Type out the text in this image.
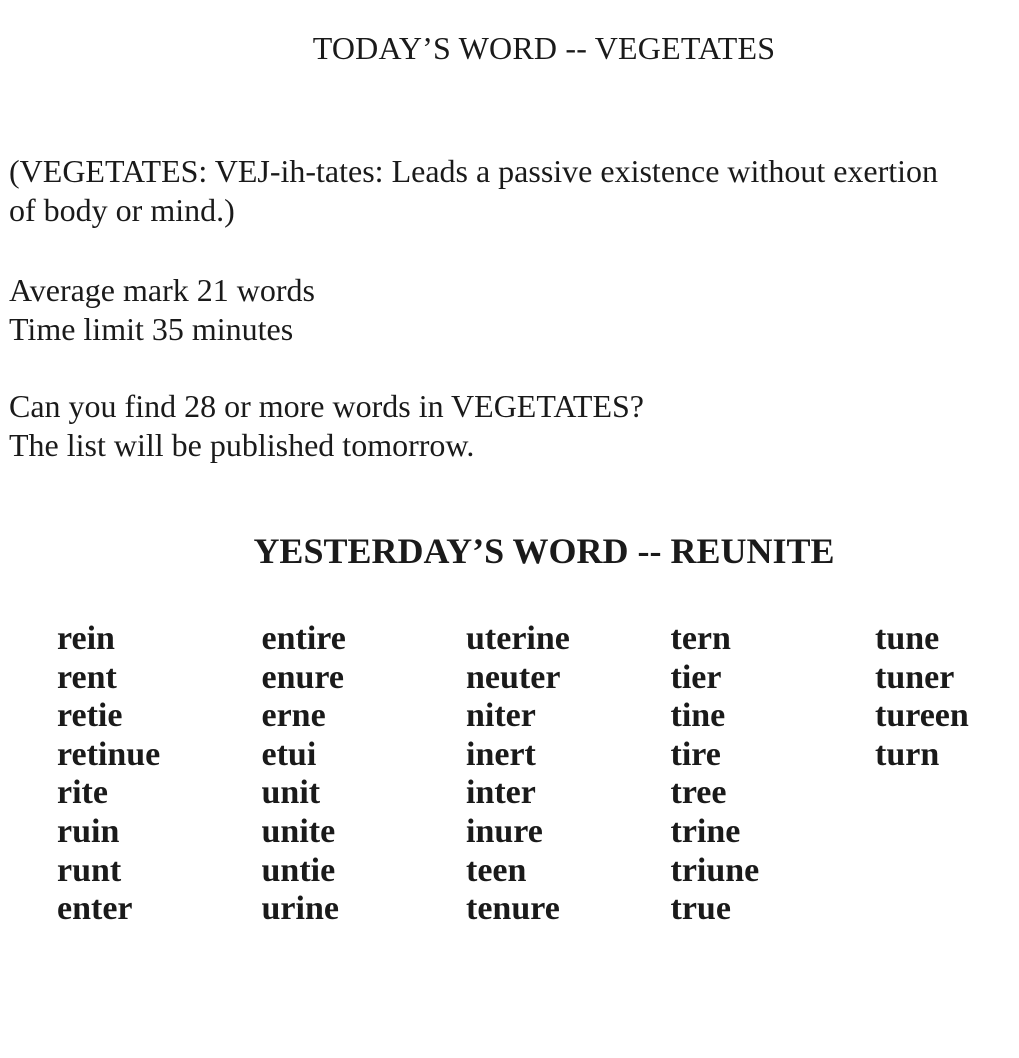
TODAY’S WORD -- VEGETATES
(VEGETATES: VEJ-ih-tates: Leads a passive existence without exertion
of body or mind.)
Average mark 21 words
Time limit 35 minutes
Can you find 28 or more words in VEGETATES?
The list will be published tomorrow.
YESTERDAY’S WORD -- REUNITE
rein
rent
retie
retinue
rite
ruin
runt
enter
entire
enure
erne
etui
unit
unite
untie
urine
uterine
neuter
niter
inert
inter
inure
teen
tenure
tern
tier
tine
tire
tree
trine
triune
true
tune
tuner
tureen
turn
